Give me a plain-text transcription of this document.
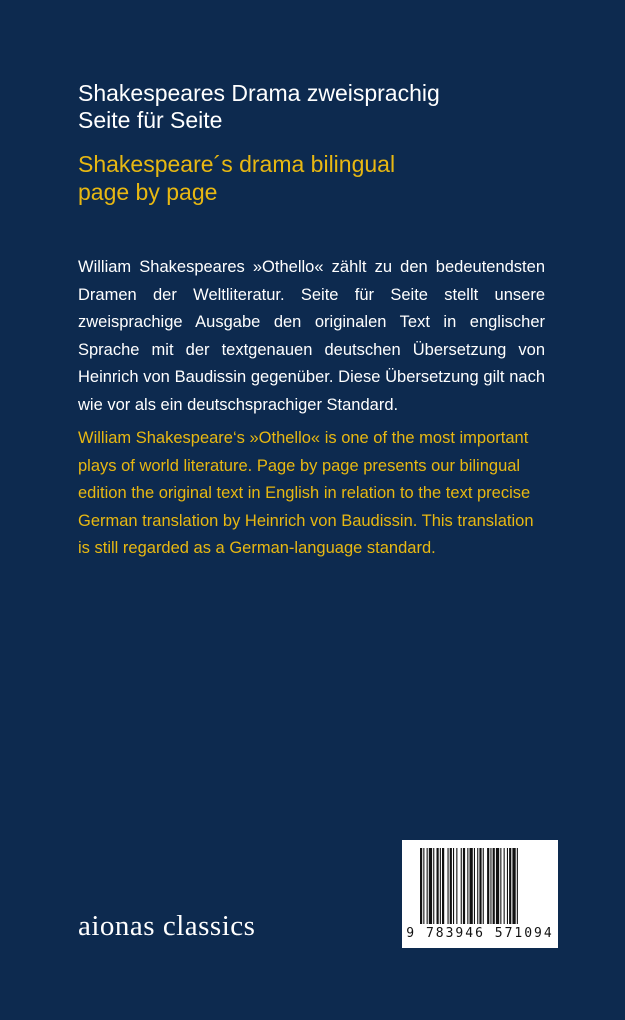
Shakespeares Drama zweisprachig
Seite für Seite
Shakespeare´s drama bilingual
page by page

William Shakespeares »Othello« zählt zu den bedeutendsten Dramen der Weltliteratur. Seite für Seite stellt unsere zweisprachige Ausgabe den originalen Text in englischer Sprache mit der textgenauen deutschen Übersetzung von Heinrich von Baudissin gegenüber. Diese Übersetzung gilt nach wie vor als ein deutschsprachiger Standard.

William Shakespeare‘s »Othello« is one of the most important plays of world literature. Page by page presents our bilingual edition the original text in English in relation to the text precise German translation by Heinrich von Baudissin. This translation is still regarded as a German-language standard.

aionas classics	9 783946 571094
